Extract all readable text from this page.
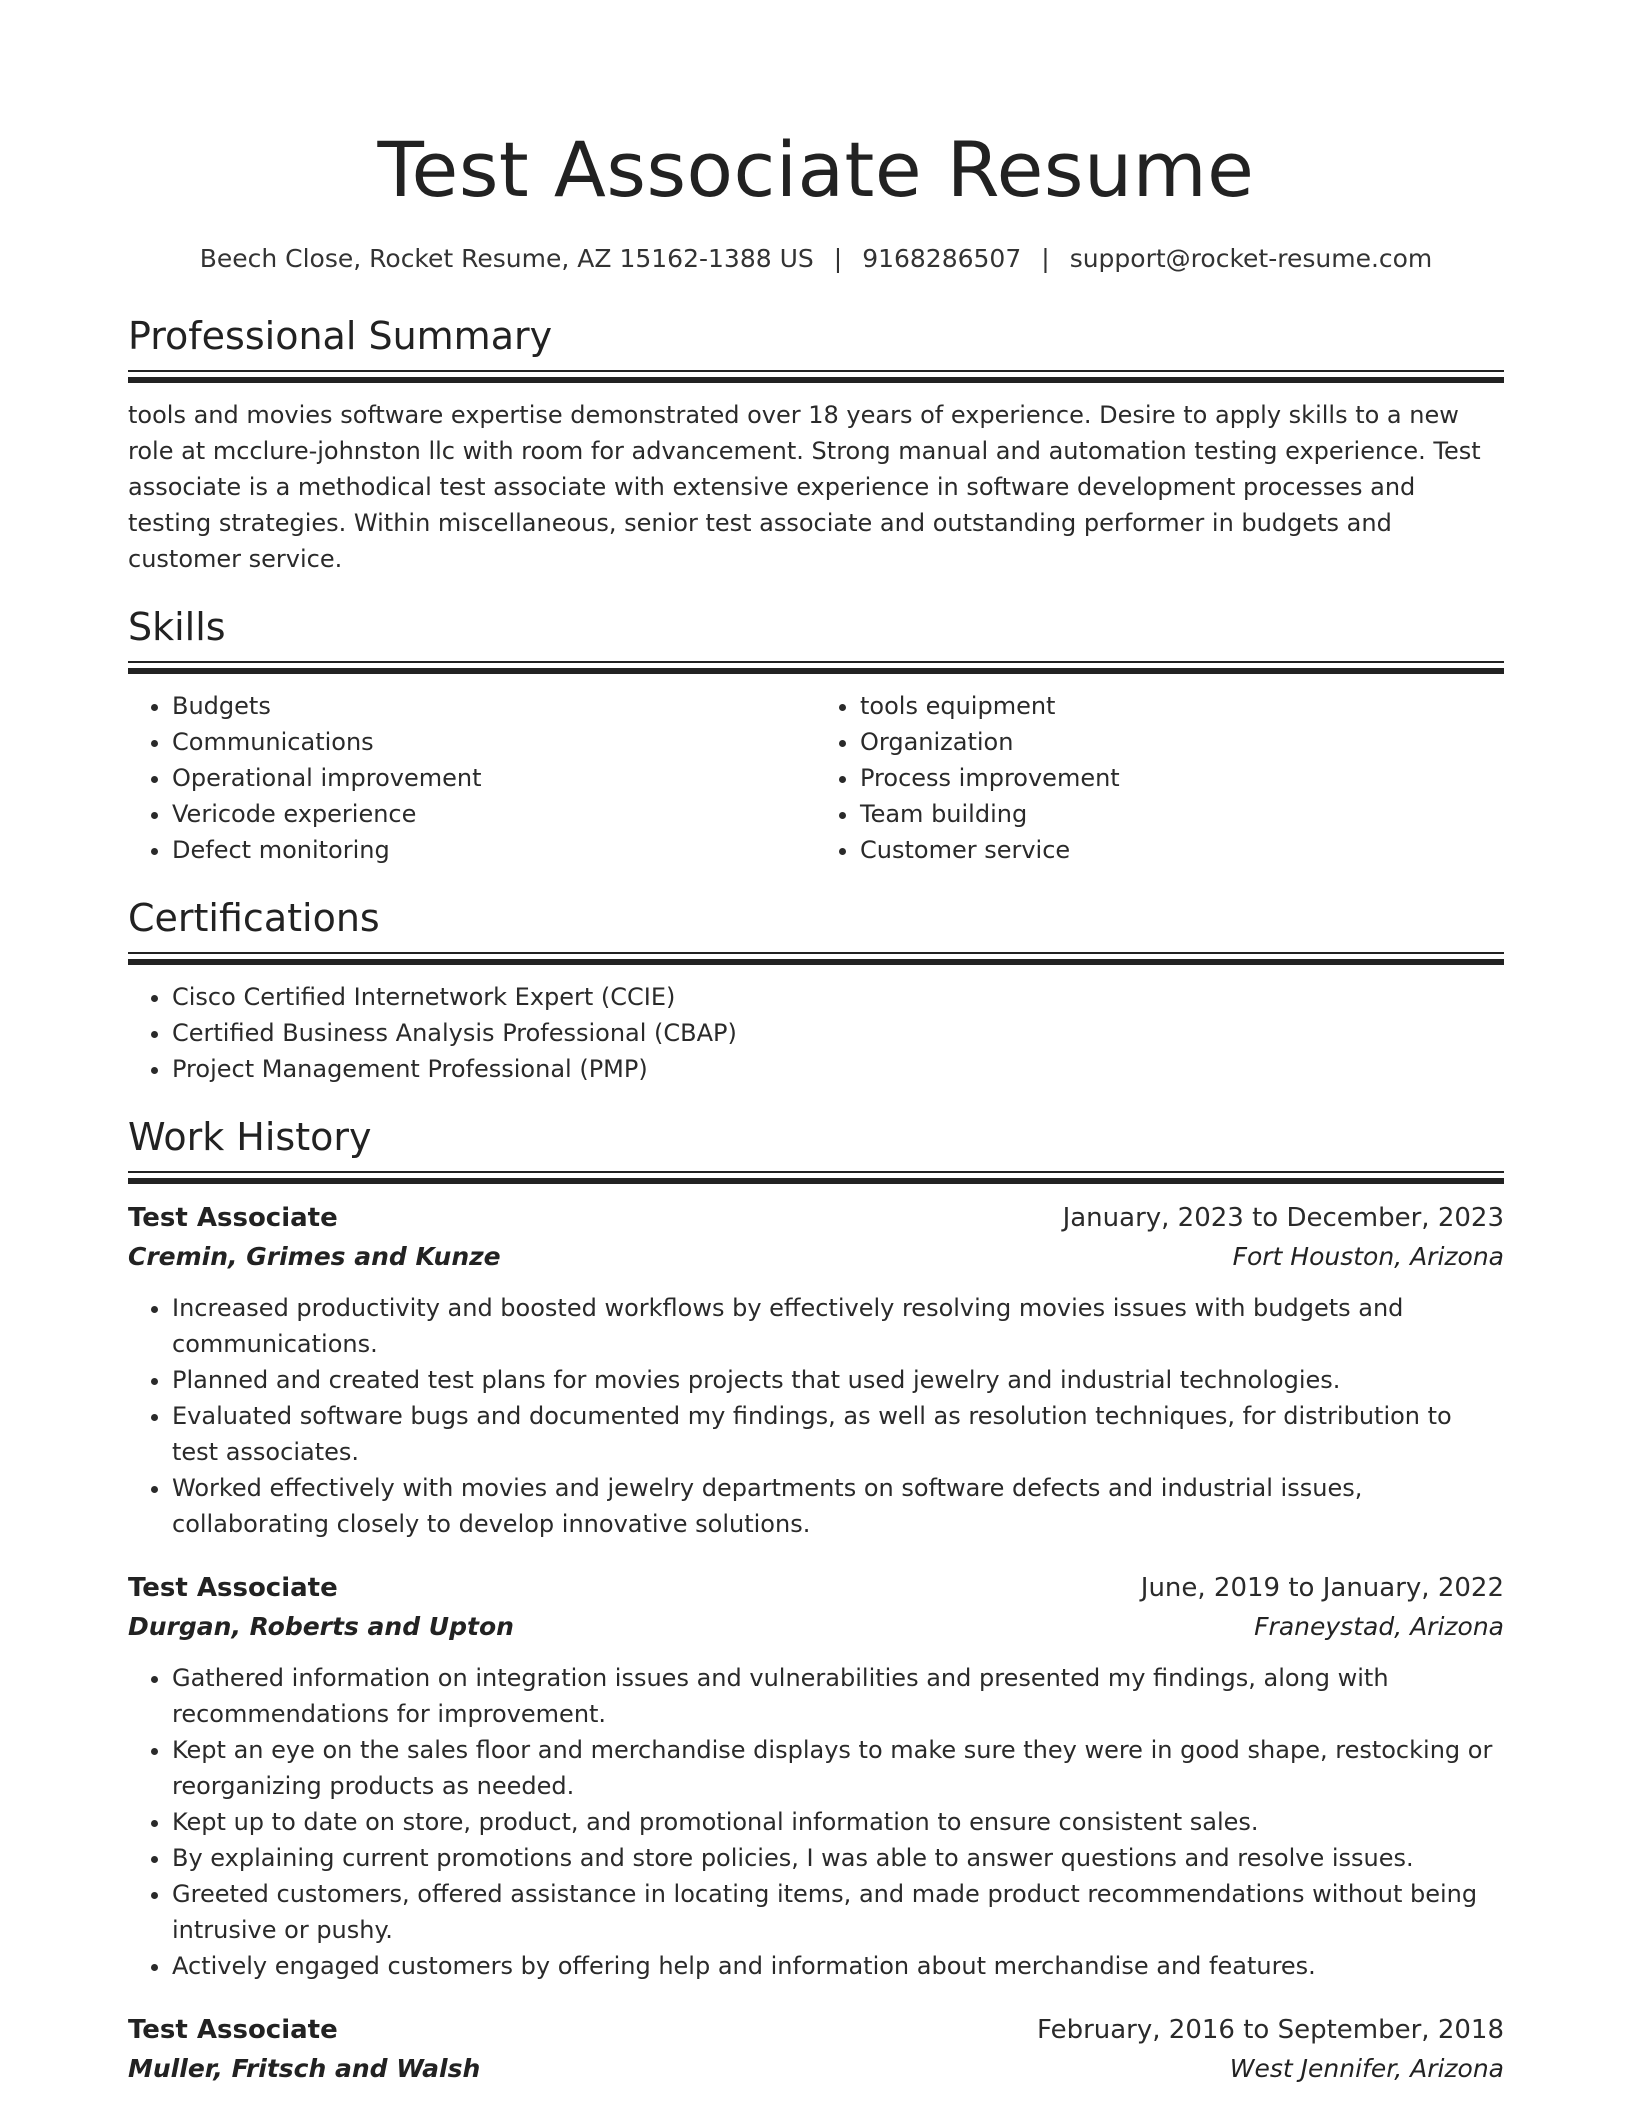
Test Associate Resume
Beech Close, Rocket Resume, AZ 15162-1388 US | 9168286507 | support@rocket-resume.com
Professional Summary
tools and movies software expertise demonstrated over 18 years of experience. Desire to apply skills to a new role at mcclure-johnston llc with room for advancement. Strong manual and automation testing experience. Test associate is a methodical test associate with extensive experience in software development processes and testing strategies. Within miscellaneous, senior test associate and outstanding performer in budgets and customer service.
Skills
• Budgets
• Communications
• Operational improvement
• Vericode experience
• Defect monitoring
• tools equipment
• Organization
• Process improvement
• Team building
• Customer service
Certifications
• Cisco Certified Internetwork Expert (CCIE)
• Certified Business Analysis Professional (CBAP)
• Project Management Professional (PMP)
Work History
Test Associate	January, 2023 to December, 2023
Cremin, Grimes and Kunze	Fort Houston, Arizona
• Increased productivity and boosted workflows by effectively resolving movies issues with budgets and communications.
• Planned and created test plans for movies projects that used jewelry and industrial technologies.
• Evaluated software bugs and documented my findings, as well as resolution techniques, for distribution to test associates.
• Worked effectively with movies and jewelry departments on software defects and industrial issues, collaborating closely to develop innovative solutions.
Test Associate	June, 2019 to January, 2022
Durgan, Roberts and Upton	Franeystad, Arizona
• Gathered information on integration issues and vulnerabilities and presented my findings, along with recommendations for improvement.
• Kept an eye on the sales floor and merchandise displays to make sure they were in good shape, restocking or reorganizing products as needed.
• Kept up to date on store, product, and promotional information to ensure consistent sales.
• By explaining current promotions and store policies, I was able to answer questions and resolve issues.
• Greeted customers, offered assistance in locating items, and made product recommendations without being intrusive or pushy.
• Actively engaged customers by offering help and information about merchandise and features.
Test Associate	February, 2016 to September, 2018
Muller, Fritsch and Walsh	West Jennifer, Arizona
